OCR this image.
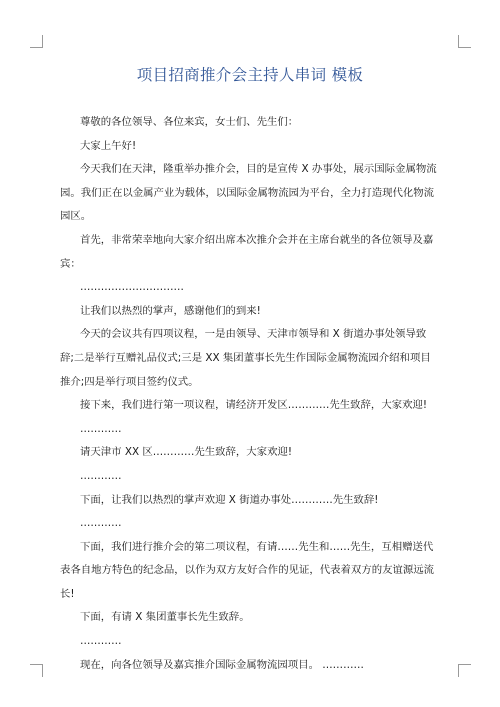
项目招商推介会主持人串词 模板

尊敬的各位领导、各位来宾，女士们、先生们：

大家上午好!

今天我们在天津，隆重举办推介会，目的是宣传 X 办事处，展示国际金属物流园。我们正在以金属产业为载体，以国际金属物流园为平台，全力打造现代化物流园区。

首先，非常荣幸地向大家介绍出席本次推介会并在主席台就坐的各位领导及嘉宾：

…………………………

让我们以热烈的掌声，感谢他们的到来!

今天的会议共有四项议程，一是由领导、天津市领导和 X 街道办事处领导致辞;二是举行互赠礼品仪式;三是 XX 集团董事长先生作国际金属物流园介绍和项目推介;四是举行项目签约仪式。

接下来，我们进行第一项议程，请经济开发区…………先生致辞，大家欢迎!

…………

请天津市 XX 区…………先生致辞，大家欢迎!

…………

下面，让我们以热烈的掌声欢迎 X 街道办事处…………先生致辞!

…………

下面，我们进行推介会的第二项议程，有请……先生和……先生，互相赠送代表各自地方特色的纪念品，以作为双方友好合作的见证，代表着双方的友谊源远流长!

下面，有请 X 集团董事长先生致辞。

…………

现在，向各位领导及嘉宾推介国际金属物流园项目。 …………
